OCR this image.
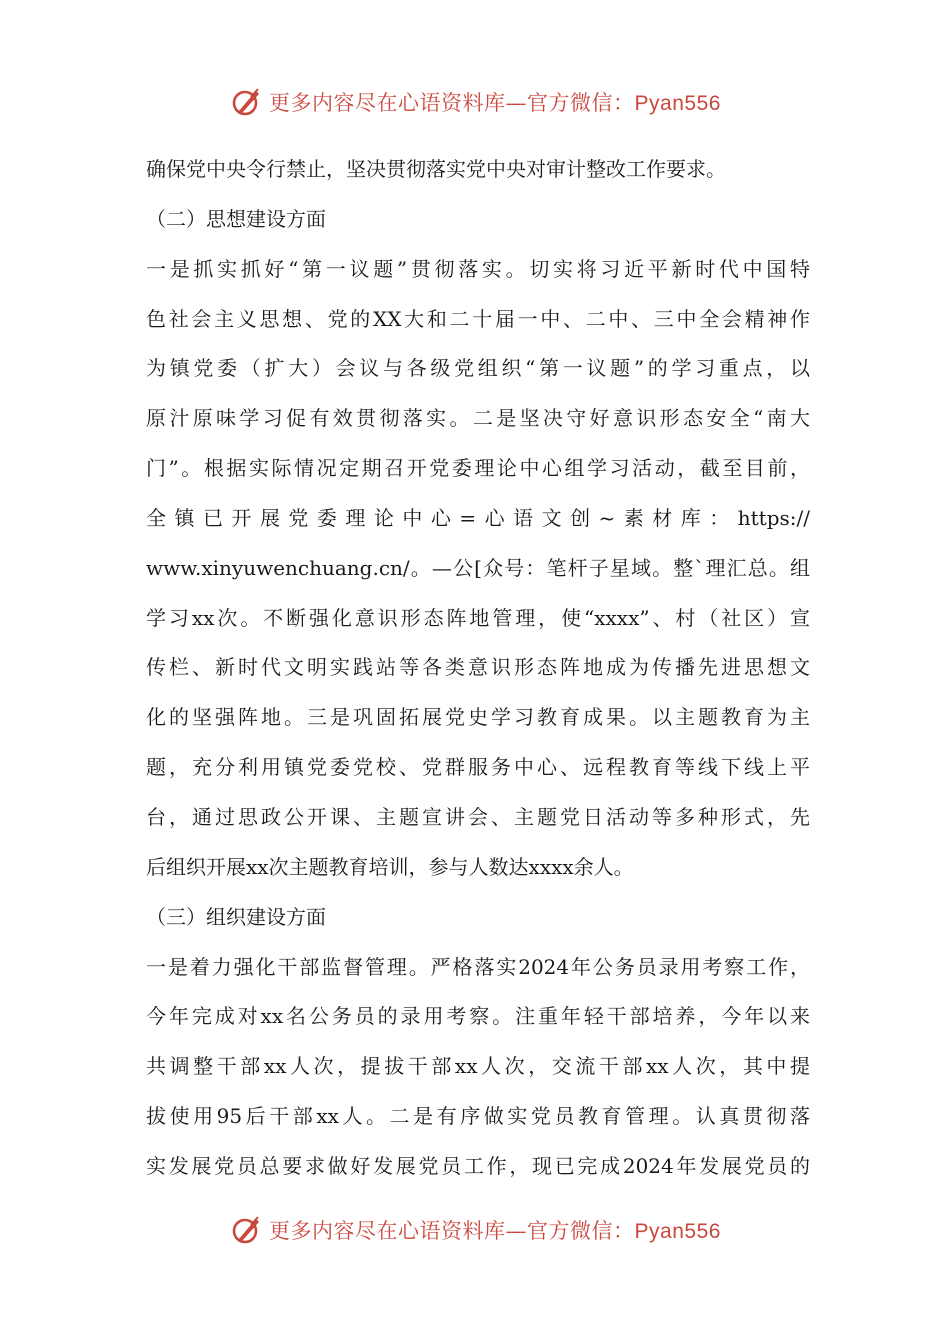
更多内容尽在心语资料库—官方微信：Pyan556
确保党中央令行禁止，坚决贯彻落实党中央对审计整改工作要求。
（二）思想建设方面
一是抓实抓好“第一议题”贯彻落实。切实将习近平新时代中国特
色社会主义思想、党的XX大和二十届一中、二中、三中全会精神作
为镇党委（扩大）会议与各级党组织“第一议题”的学习重点，以
原汁原味学习促有效贯彻落实。二是坚决守好意识形态安全“南大
门”。根据实际情况定期召开党委理论中心组学习活动，截至目前，
全镇已开展党委理论中心=心语文创~素材库：https://
www.xinyuwenchuang.cn/。—公[众号：笔杆子星域。整`理汇总。组
学习xx次。不断强化意识形态阵地管理，使“xxxx”、村（社区）宣
传栏、新时代文明实践站等各类意识形态阵地成为传播先进思想文
化的坚强阵地。三是巩固拓展党史学习教育成果。以主题教育为主
题，充分利用镇党委党校、党群服务中心、远程教育等线下线上平
台，通过思政公开课、主题宣讲会、主题党日活动等多种形式，先
后组织开展xx次主题教育培训，参与人数达xxxx余人。
（三）组织建设方面
一是着力强化干部监督管理。严格落实2024年公务员录用考察工作，
今年完成对xx名公务员的录用考察。注重年轻干部培养，今年以来
共调整干部xx人次，提拔干部xx人次，交流干部xx人次，其中提
拔使用95后干部xx人。二是有序做实党员教育管理。认真贯彻落
实发展党员总要求做好发展党员工作，现已完成2024年发展党员的
更多内容尽在心语资料库—官方微信：Pyan556
